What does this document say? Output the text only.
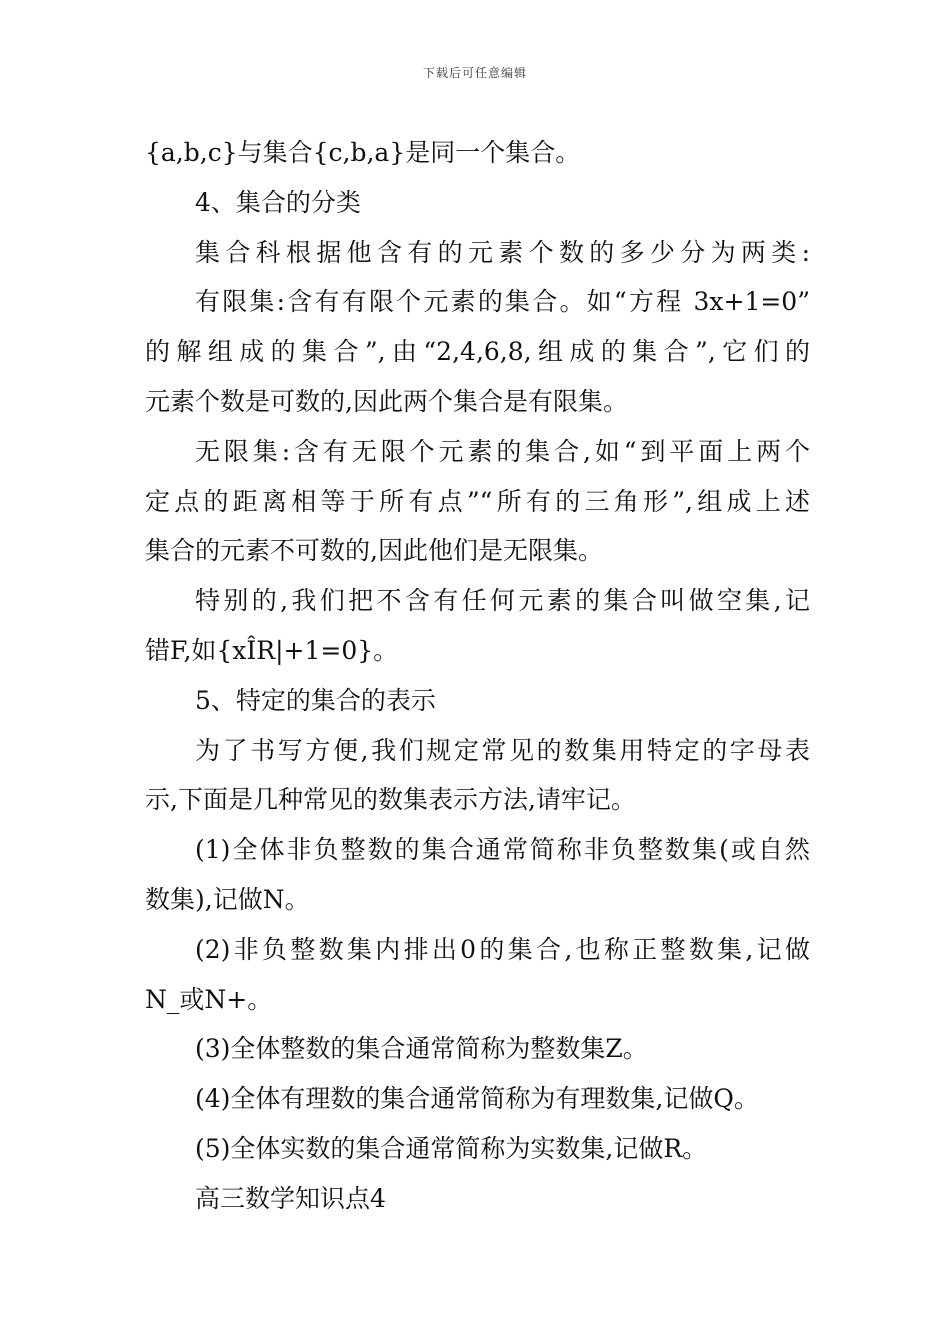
下载后可任意编辑
{a,b,c}与集合{c,b,a}是同一个集合。
4、集合的分类
集合科根据他含有的元素个数的多少分为两类:
有限集:含有有限个元素的集合。如“方程 3x+1=0”
的解组成的集合”,由“2,4,6,8,组成的集合”,它们的
元素个数是可数的,因此两个集合是有限集。
无限集:含有无限个元素的集合,如“到平面上两个
定点的距离相等于所有点”“所有的三角形”,组成上述
集合的元素不可数的,因此他们是无限集。
特别的,我们把不含有任何元素的集合叫做空集,记
错F,如{xÎR|+1=0}。
5、特定的集合的表示
为了书写方便,我们规定常见的数集用特定的字母表
示,下面是几种常见的数集表示方法,请牢记。
(1)全体非负整数的集合通常简称非负整数集(或自然
数集),记做N。
(2)非负整数集内排出0的集合,也称正整数集,记做
N_或N+。
(3)全体整数的集合通常简称为整数集Z。
(4)全体有理数的集合通常简称为有理数集,记做Q。
(5)全体实数的集合通常简称为实数集,记做R。
高三数学知识点4
